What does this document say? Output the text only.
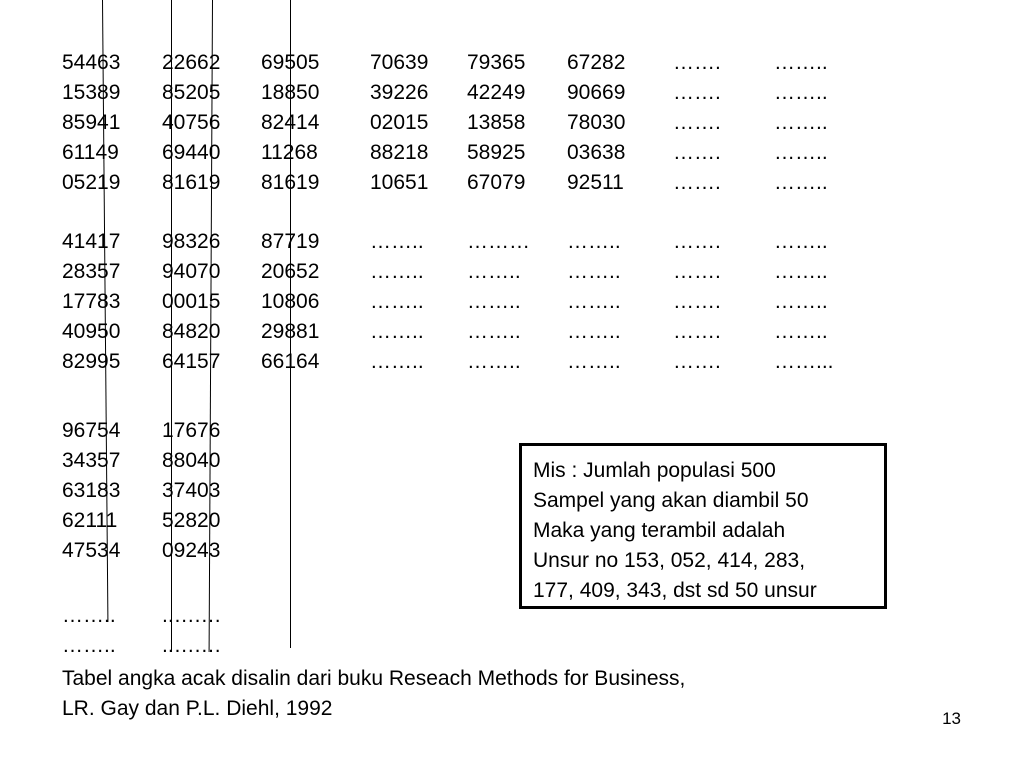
54463 22662 69505 70639 79365 67282 …….	……..
15389 85205 18850 39226 42249 90669 …….	……..
85941 40756 82414 02015 13858 78030 …….	……..
61149 69440 11268 88218 58925 03638 …….	……..
05219 81619 81619 10651 67079 92511 …….	……..
41417 98326 87719 …….. ……… …….. …….	……..
28357 94070 20652 …….. …….. …….. …….	……..
17783 00015 10806 …….. …….. …….. …….	……..
40950 84820 29881 …….. …….. …….. …….	……..
82995 64157 66164 …….. …….. …….. …….	……...
96754 17676
34357 88040
63183 37403
62111 52820
47534 09243
…….. ..….…
…….. ..….…
Mis : Jumlah populasi 500
Sampel yang akan diambil 50
Maka yang terambil adalah
Unsur no 153, 052, 414, 283,
177, 409, 343, dst sd 50 unsur
Tabel angka acak disalin dari buku Reseach Methods for Business,
LR. Gay dan P.L. Diehl, 1992	13
